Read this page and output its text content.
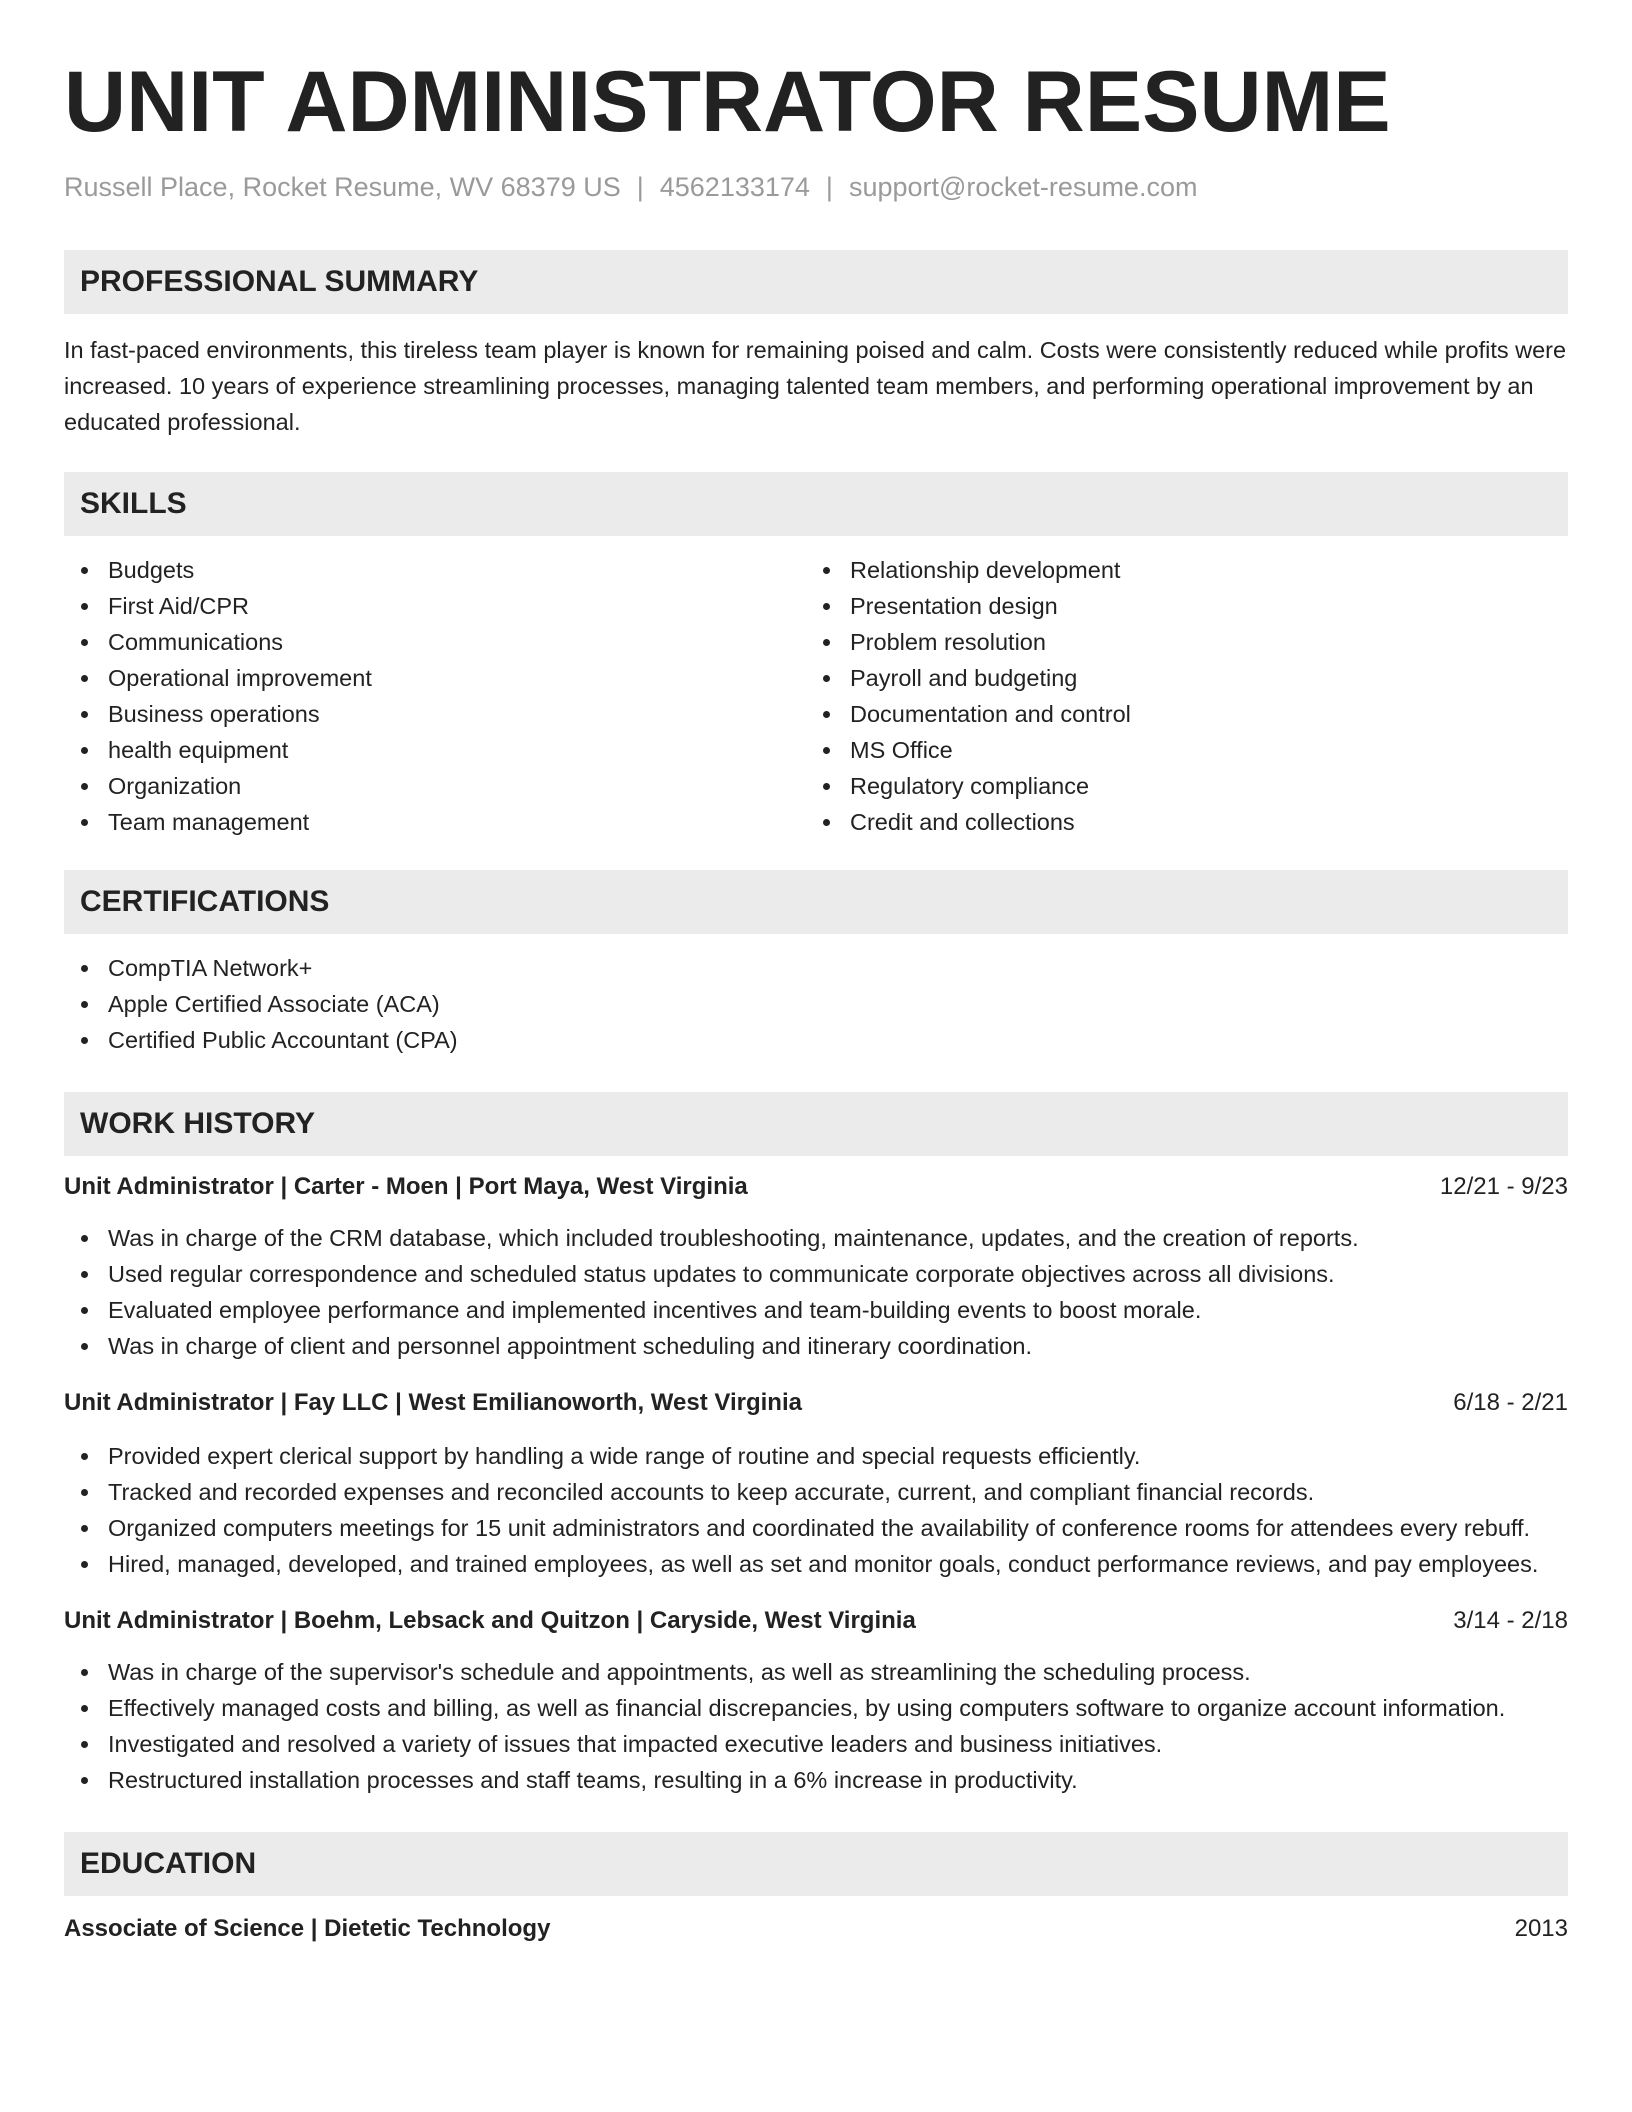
UNIT ADMINISTRATOR RESUME
Russell Place, Rocket Resume, WV 68379 US | 4562133174 | support@rocket-resume.com
PROFESSIONAL SUMMARY

In fast-paced environments, this tireless team player is known for remaining poised and calm. Costs were consistently reduced while profits were increased. 10 years of experience streamlining processes, managing talented team members, and performing operational improvement by an educated professional.

SKILLS
Budgets
First Aid/CPR
Communications
Operational improvement
Business operations
health equipment
Organization
Team management
Relationship development
Presentation design
Problem resolution
Payroll and budgeting
Documentation and control
MS Office
Regulatory compliance
Credit and collections
CERTIFICATIONS
CompTIA Network+
Apple Certified Associate (ACA)
Certified Public Accountant (CPA)
WORK HISTORY
Unit Administrator | Carter - Moen | Port Maya, West Virginia	12/21 - 9/23
Was in charge of the CRM database, which included troubleshooting, maintenance, updates, and the creation of reports.
Used regular correspondence and scheduled status updates to communicate corporate objectives across all divisions.
Evaluated employee performance and implemented incentives and team-building events to boost morale.
Was in charge of client and personnel appointment scheduling and itinerary coordination.
Unit Administrator | Fay LLC | West Emilianoworth, West Virginia	6/18 - 2/21
Provided expert clerical support by handling a wide range of routine and special requests efficiently.
Tracked and recorded expenses and reconciled accounts to keep accurate, current, and compliant financial records.
Organized computers meetings for 15 unit administrators and coordinated the availability of conference rooms for attendees every rebuff.
Hired, managed, developed, and trained employees, as well as set and monitor goals, conduct performance reviews, and pay employees.
Unit Administrator | Boehm, Lebsack and Quitzon | Caryside, West Virginia	3/14 - 2/18
Was in charge of the supervisor's schedule and appointments, as well as streamlining the scheduling process.
Effectively managed costs and billing, as well as financial discrepancies, by using computers software to organize account information.
Investigated and resolved a variety of issues that impacted executive leaders and business initiatives.
Restructured installation processes and staff teams, resulting in a 6% increase in productivity.
EDUCATION
Associate of Science | Dietetic Technology	2013
